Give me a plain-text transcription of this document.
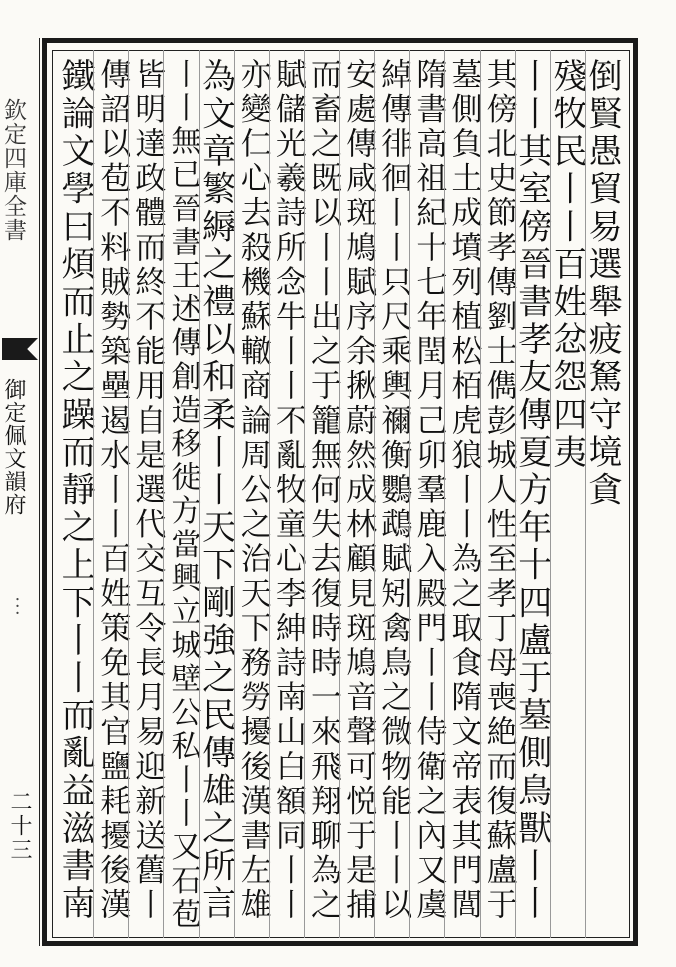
欽定四庫全書
御定佩文韻府
︙
二十三
倒賢愚貿易選舉疲駑守境貪
殘牧民丨丨百姓忿怨四夷
丨丨其室傍晉書孝友傳夏方年十四盧于墓側鳥獸丨丨
其傍北史節孝傳劉士儁彭城人性至孝丁母喪絶而復蘇盧于
墓側負土成墳列植松栢虎狼丨丨為之取食隋文帝表其門閭
隋書高祖紀十七年閏月己卯羣鹿入殿門丨丨侍衛之內又虞
綽傳徘徊丨丨只尺乘輿禰衡鸚鵡賦矧禽鳥之微物能丨丨以
安處傳咸斑鳩賦序余揪蔚然成林顧見斑鳩音聲可悦于是捕
而畜之既以丨丨出之于籠無何失去復時時一來飛翔聊為之
賦儲光羲詩所念牛丨丨不亂牧童心李紳詩南山白額同丨丨
亦變仁心去殺機蘇轍商論周公之治天下務勞擾後漢書左雄
為文章繁縟之禮以和柔丨丨天下剛強之民傳雄之所言
丨丨無已晉書王述傳創造移徙方當興立城壁公私丨丨又石苞
皆明達政體而終不能用自是選代交互令長月易迎新送舊丨
傳詔以苞不料賊勢築壘遏水丨丨百姓策免其官鹽耗擾後漢
鐵論文學曰煩而止之躁而靜之上下丨丨而亂益滋書南
